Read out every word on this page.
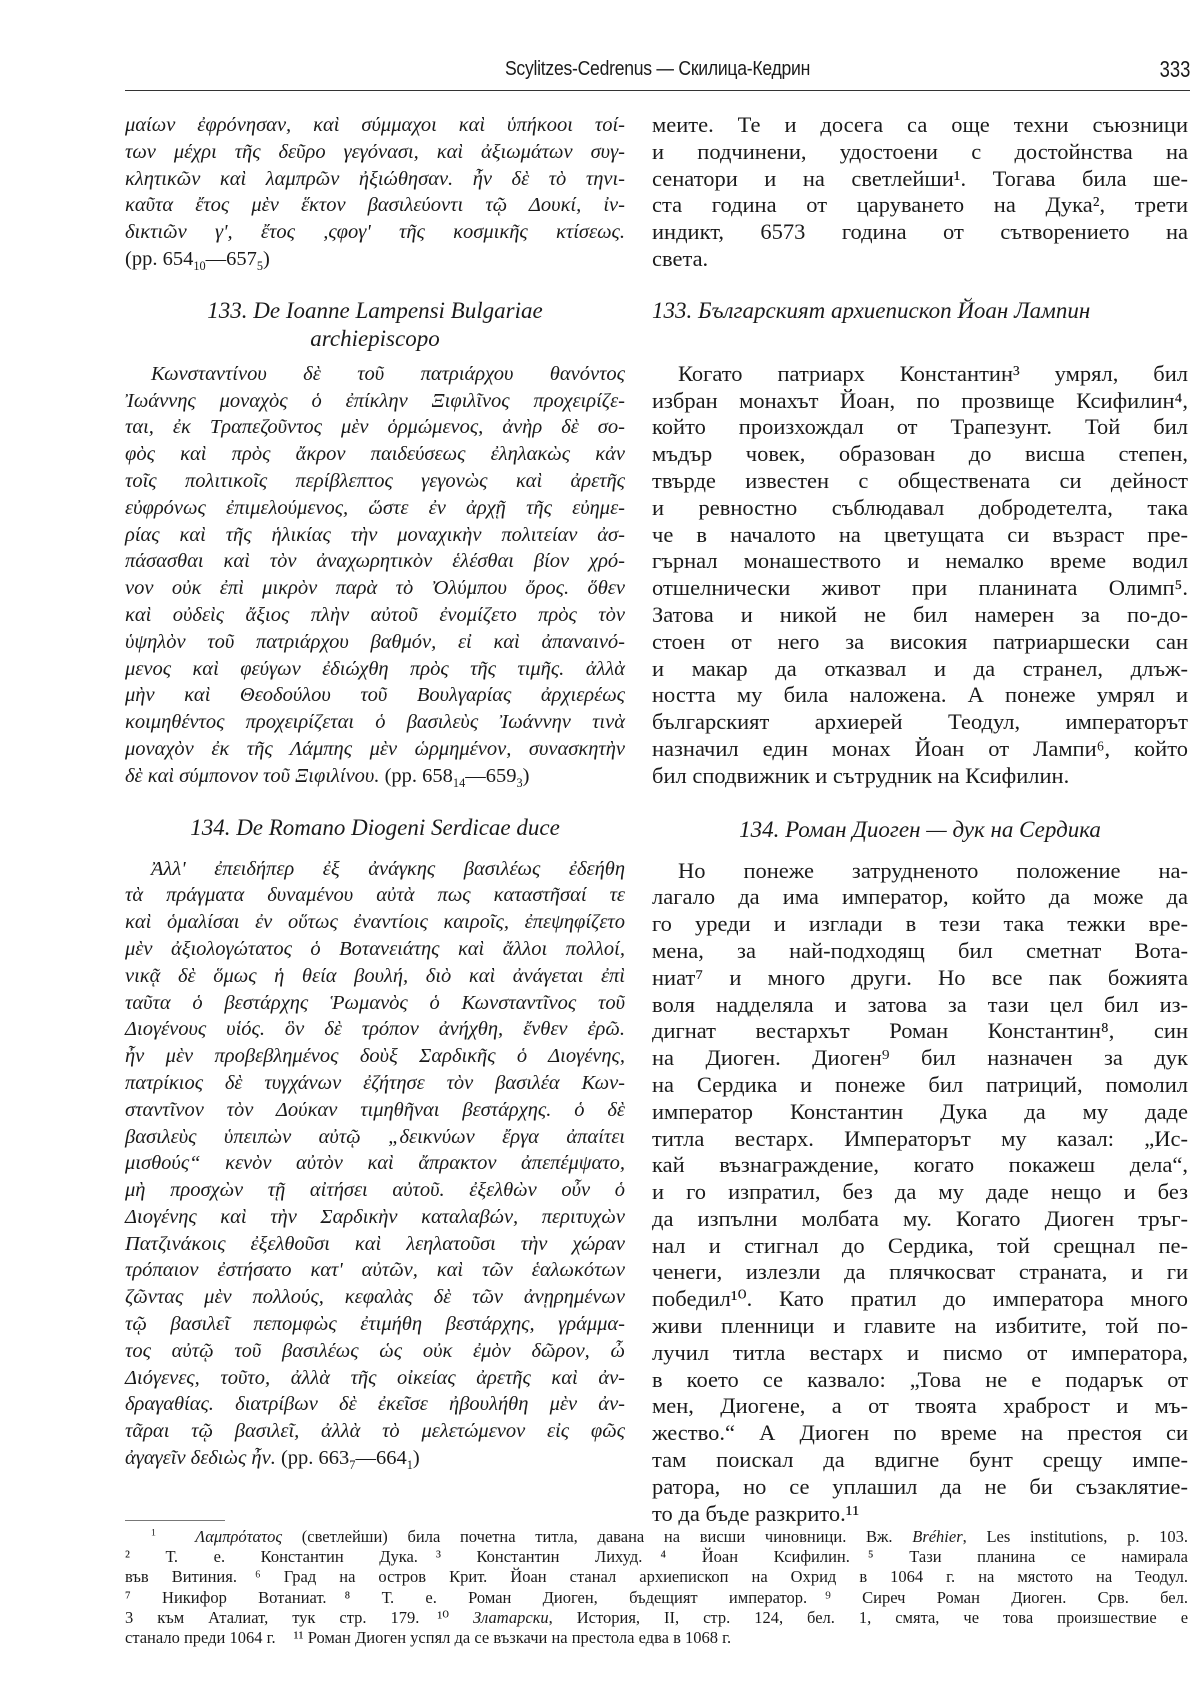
Scylitzes-Cedrenus — Скилица-Кедрин	333
μαίων ἐφρόνησαν, καὶ σύμμαχοι καὶ ὑπήκοοι τοί-
των μέχρι τῆς δεῦρο γεγόνασι, καὶ ἀξιωμάτων συγ-
κλητικῶν καὶ λαμπρῶν ἠξιώθησαν. ἦν δὲ τὸ τηνι-
καῦτα ἔτος μὲν ἕκτον βασιλεύοντι τῷ Δουκί, ἰν-
δικτιῶν γ', ἔτος ,ςφογ' τῆς κοσμικῆς κτίσεως.
(pp. $654_{10}—657_5$)
133. De Ioanne Lampensi Bulgariae
archiepiscopo
Κωνσταντίνου δὲ τοῦ πατριάρχου θανόντος
Ἰωάννης μοναχὸς ὁ ἐπίκλην Ξιφιλῖνος προχειρίζε-
ται, ἐκ Τραπεζοῦντος μὲν ὁρμώμενος, ἀνὴρ δὲ σο-
φὸς καὶ πρὸς ἄκρον παιδεύσεως ἐληλακὼς κἀν
τοῖς πολιτικοῖς περίβλεπτος γεγονὼς καὶ ἀρετῆς
εὐφρόνως ἐπιμελούμενος, ὥστε ἐν ἀρχῇ τῆς εὐημε-
ρίας καὶ τῆς ἡλικίας τὴν μοναχικὴν πολιτείαν ἀσ-
πάσασθαι καὶ τὸν ἀναχωρητικὸν ἑλέσθαι βίον χρό-
νον οὐκ ἐπὶ μικρὸν παρὰ τὸ Ὀλύμπου ὄρος. ὅθεν
καὶ οὐδεὶς ἄξιος πλὴν αὐτοῦ ἐνομίζετο πρὸς τὸν
ὑψηλὸν τοῦ πατριάρχου βαθμόν, εἰ καὶ ἀπαναινό-
μενος καὶ φεύγων ἐδιώχθη πρὸς τῆς τιμῆς. ἀλλὰ
μὴν καὶ Θεοδούλου τοῦ Βουλγαρίας ἀρχιερέως
κοιμηθέντος προχειρίζεται ὁ βασιλεὺς Ἰωάννην τινὰ
μοναχὸν ἐκ τῆς Λάμπης μὲν ὡρμημένον, συνασκητὴν
δὲ καὶ σύμπονον τοῦ Ξιφιλίνου. (pp. $658_{14}—659_3$)
134. De Romano Diogeni Serdicae duce
Ἀλλ' ἐπειδήπερ ἐξ ἀνάγκης βασιλέως ἐδεήθη
τὰ πράγματα δυναμένου αὐτὰ πως καταστῆσαί τε
καὶ ὁμαλίσαι ἐν οὕτως ἐναντίοις καιροῖς, ἐπεψηφίζετο
μὲν ἀξιολογώτατος ὁ Βοτανειάτης καὶ ἄλλοι πολλοί,
νικᾷ δὲ ὅμως ἡ θεία βουλή, διὸ καὶ ἀνάγεται ἐπὶ
ταῦτα ὁ βεστάρχης Ῥωμανὸς ὁ Κωνσταντῖνος τοῦ
Διογένους υἱός. ὃν δὲ τρόπον ἀνήχθη, ἔνθεν ἐρῶ.
ἦν μὲν προβεβλημένος δοὺξ Σαρδικῆς ὁ Διογένης,
πατρίκιος δὲ τυγχάνων ἐζήτησε τὸν βασιλέα Κων-
σταντῖνον τὸν Δούκαν τιμηθῆναι βεστάρχης. ὁ δὲ
βασιλεὺς ὑπειπὼν αὐτῷ „δεικνύων ἔργα ἀπαίτει
μισθούς“ κενὸν αὐτὸν καὶ ἄπρακτον ἀπεπέμψατο,
μὴ προσχὼν τῇ αἰτήσει αὐτοῦ. ἐξελθὼν οὖν ὁ
Διογένης καὶ τὴν Σαρδικὴν καταλαβών, περιτυχὼν
Πατζινάκοις ἐξελθοῦσι καὶ λεηλατοῦσι τὴν χώραν
τρόπαιον ἐστήσατο κατ' αὐτῶν, καὶ τῶν ἑαλωκότων
ζῶντας μὲν πολλούς, κεφαλὰς δὲ τῶν ἀνῃρημένων
τῷ βασιλεῖ πεπομφὼς ἐτιμήθη βεστάρχης, γράμμα-
τος αὐτῷ τοῦ βασιλέως ὡς οὐκ ἐμὸν δῶρον, ὦ
Διόγενες, τοῦτο, ἀλλὰ τῆς οἰκείας ἀρετῆς καὶ ἀν-
δραγαθίας. διατρίβων δὲ ἐκεῖσε ἠβουλήθη μὲν ἀν-
τᾶραι τῷ βασιλεῖ, ἀλλὰ τὸ μελετώμενον εἰς φῶς
ἀγαγεῖν δεδιὼς ἦν. (pp. $663_7—664_1$)
меите. Те и досега са още техни съюзници
и подчинени, удостоени с достойнства на
сенатори и на светлейши¹. Тогава била ше-
ста година от царуването на Дука², трети
индикт, 6573 година от сътворението на
света.
133. Българският архиепископ Йоан Лампин
Когато патриарх Константин³ умрял, бил
избран монахът Йоан, по прозвище Ксифилин⁴,
който произхождал от Трапезунт. Той бил
мъдър човек, образован до висша степен,
твърде известен с обществената си дейност
и ревностно съблюдавал добродетелта, така
че в началото на цветущата си възраст пре-
гърнал монашеството и немалко време водил
отшелнически живот при планината Олимп⁵.
Затова и никой не бил намерен за по-до-
стоен от него за високия патриаршески сан
и макар да отказвал и да странел, длъж-
ността му била наложена. А понеже умрял и
българският архиерей Теодул, императорът
назначил един монах Йоан от Лампи⁶, който
бил сподвижник и сътрудник на Ксифилин.
134. Роман Диоген — дук на Сердика
Но понеже затрудненото положение на-
лагало да има император, който да може да
го уреди и изглади в тези така тежки вре-
мена, за най-подходящ бил сметнат Вота-
ниат⁷ и много други. Но все пак божията
воля надделяла и затова за тази цел бил из-
дигнат вестархът Роман Константин⁸, син
на Диоген. Диоген⁹ бил назначен за дук
на Сердика и понеже бил патриций, помолил
император Константин Дука да му даде
титла вестарх. Императорът му казал: „Ис-
кай възнаграждение, когато покажеш дела“,
и го изпратил, без да му даде нещо и без
да изпълни молбата му. Когато Диоген тръг-
нал и стигнал до Сердика, той срещнал пе-
ченеги, излезли да плячкосват страната, и ги
победил¹⁰. Като пратил до императора много
живи пленници и главите на избитите, той по-
лучил титла вестарх и писмо от императора,
в което се казвало: „Това не е подарък от
мен, Диогене, а от твоята храброст и мъ-
жество.“ А Диоген по време на престоя си
там поискал да вдигне бунт срещу импе-
ратора, но се уплашил да не би съзаклятие-
то да бъде разкрито.¹¹
$^1$ Λαμπρότατος (светлейши) била почетна титла, давана на висши чиновници. Вж. Bréhier, Les institutions, p. 103.
² Т. е. Константин Дука. ³ Константин Лихуд. ⁴ Йоан Ксифилин. ⁵ Тази планина се намирала
във Витиния. ⁶ Град на остров Крит. Йоан станал архиепископ на Охрид в 1064 г. на мястото на Теодул.
⁷ Никифор Вотаниат. ⁸ Т. е. Роман Диоген, бъдещият император. ⁹ Сиреч Роман Диоген. Срв. бел.
3 към Аталиат, тук стр. 179. ¹⁰ Златарски, История, II, стр. 124, бел. 1, смята, че това произшествие е
станало преди 1064 г. ¹¹ Роман Диоген успял да се възкачи на престола едва в 1068 г.
